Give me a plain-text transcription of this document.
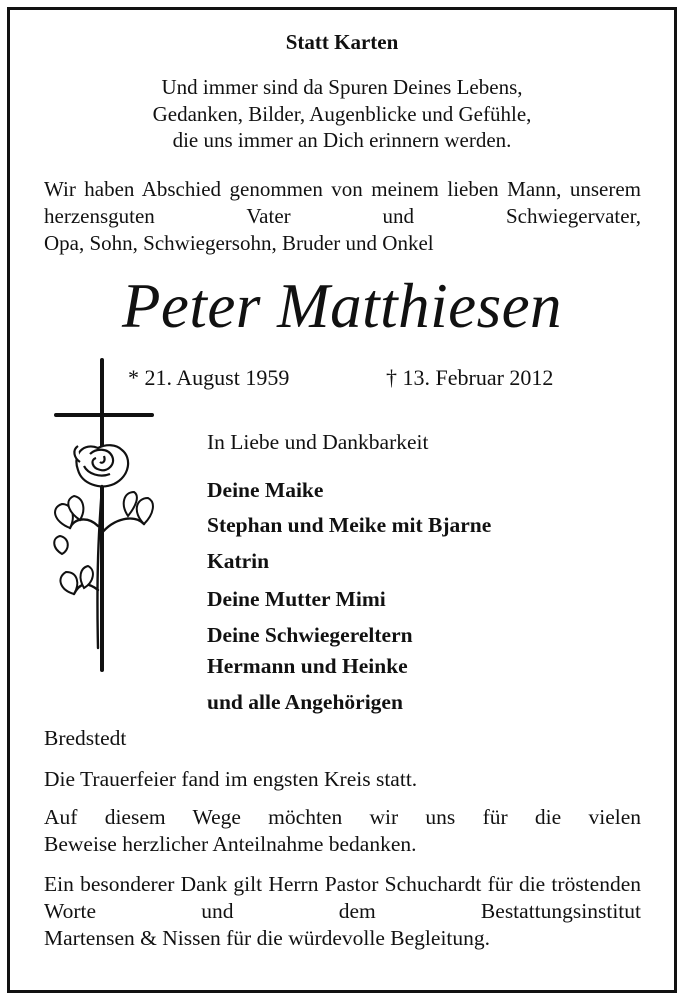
Statt Karten
Und immer sind da Spuren Deines Lebens,
Gedanken, Bilder, Augenblicke und Gefühle,
die uns immer an Dich erinnern werden.
Wir haben Abschied genommen von meinem lieben Mann, unserem herzensguten Vater und Schwiegervater,
Opa, Sohn, Schwiegersohn, Bruder und Onkel
Peter Matthiesen
* 21. August 1959	† 13. Februar 2012
In Liebe und Dankbarkeit
Deine Maike
Stephan und Meike mit Bjarne
Katrin
Deine Mutter Mimi
Deine Schwiegereltern
Hermann und Heinke
und alle Angehörigen
Bredstedt
Die Trauerfeier fand im engsten Kreis statt.
Auf diesem Wege möchten wir uns für die vielen
Beweise herzlicher Anteilnahme bedanken.
Ein besonderer Dank gilt Herrn Pastor Schuchardt für die tröstenden Worte und dem Bestattungsinstitut
Martensen & Nissen für die würdevolle Begleitung.
